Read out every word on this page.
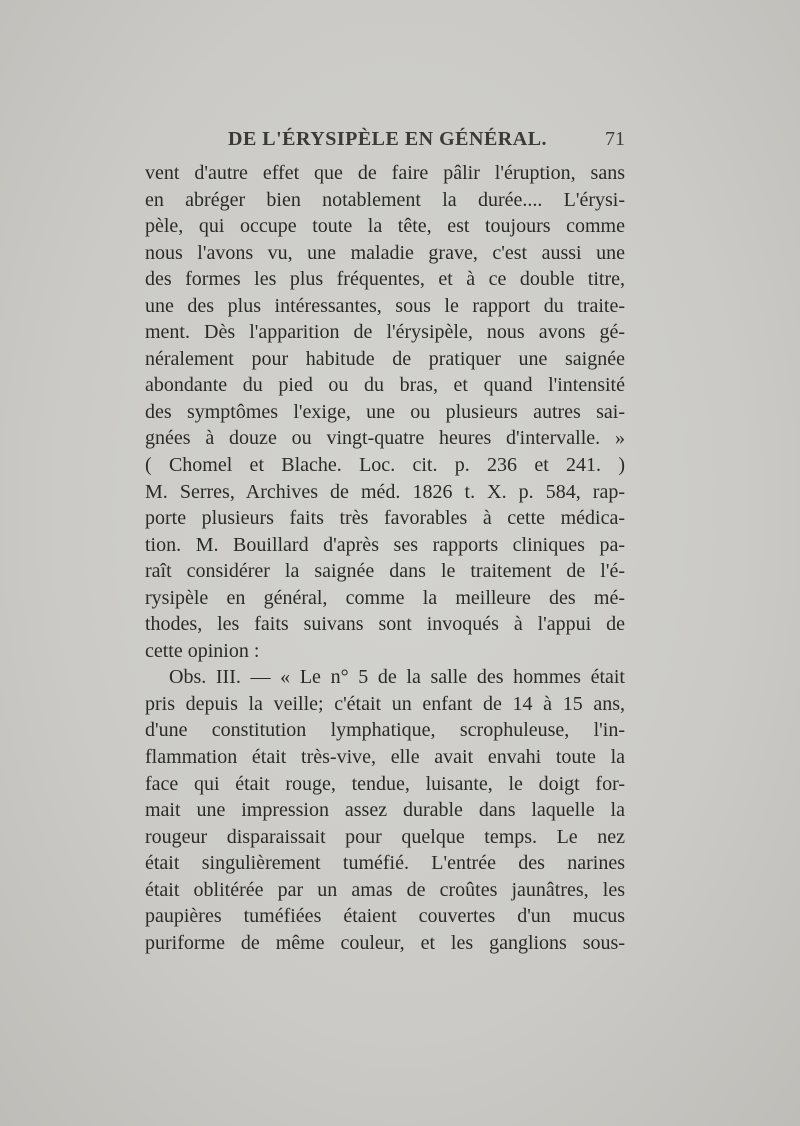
DE L'ÉRYSIPÈLE EN GÉNÉRAL.	71
vent d'autre effet que de faire pâlir l'éruption, sans
en abréger bien notablement la durée.... L'érysi-
pèle, qui occupe toute la tête, est toujours comme
nous l'avons vu, une maladie grave, c'est aussi une
des formes les plus fréquentes, et à ce double titre,
une des plus intéressantes, sous le rapport du traite-
ment. Dès l'apparition de l'érysipèle, nous avons gé-
néralement pour habitude de pratiquer une saignée
abondante du pied ou du bras, et quand l'intensité
des symptômes l'exige, une ou plusieurs autres sai-
gnées à douze ou vingt-quatre heures d'intervalle. »
( Chomel et Blache. Loc. cit. p. 236 et 241. )
M. Serres, Archives de méd. 1826 t. X. p. 584, rap-
porte plusieurs faits très favorables à cette médica-
tion. M. Bouillard d'après ses rapports cliniques pa-
raît considérer la saignée dans le traitement de l'é-
rysipèle en général, comme la meilleure des mé-
thodes, les faits suivans sont invoqués à l'appui de
cette opinion :
Obs. III. — « Le n° 5 de la salle des hommes était
pris depuis la veille; c'était un enfant de 14 à 15 ans,
d'une constitution lymphatique, scrophuleuse, l'in-
flammation était très-vive, elle avait envahi toute la
face qui était rouge, tendue, luisante, le doigt for-
mait une impression assez durable dans laquelle la
rougeur disparaissait pour quelque temps. Le nez
était singulièrement tuméfié. L'entrée des narines
était oblitérée par un amas de croûtes jaunâtres, les
paupières tuméfiées étaient couvertes d'un mucus
puriforme de même couleur, et les ganglions sous-
